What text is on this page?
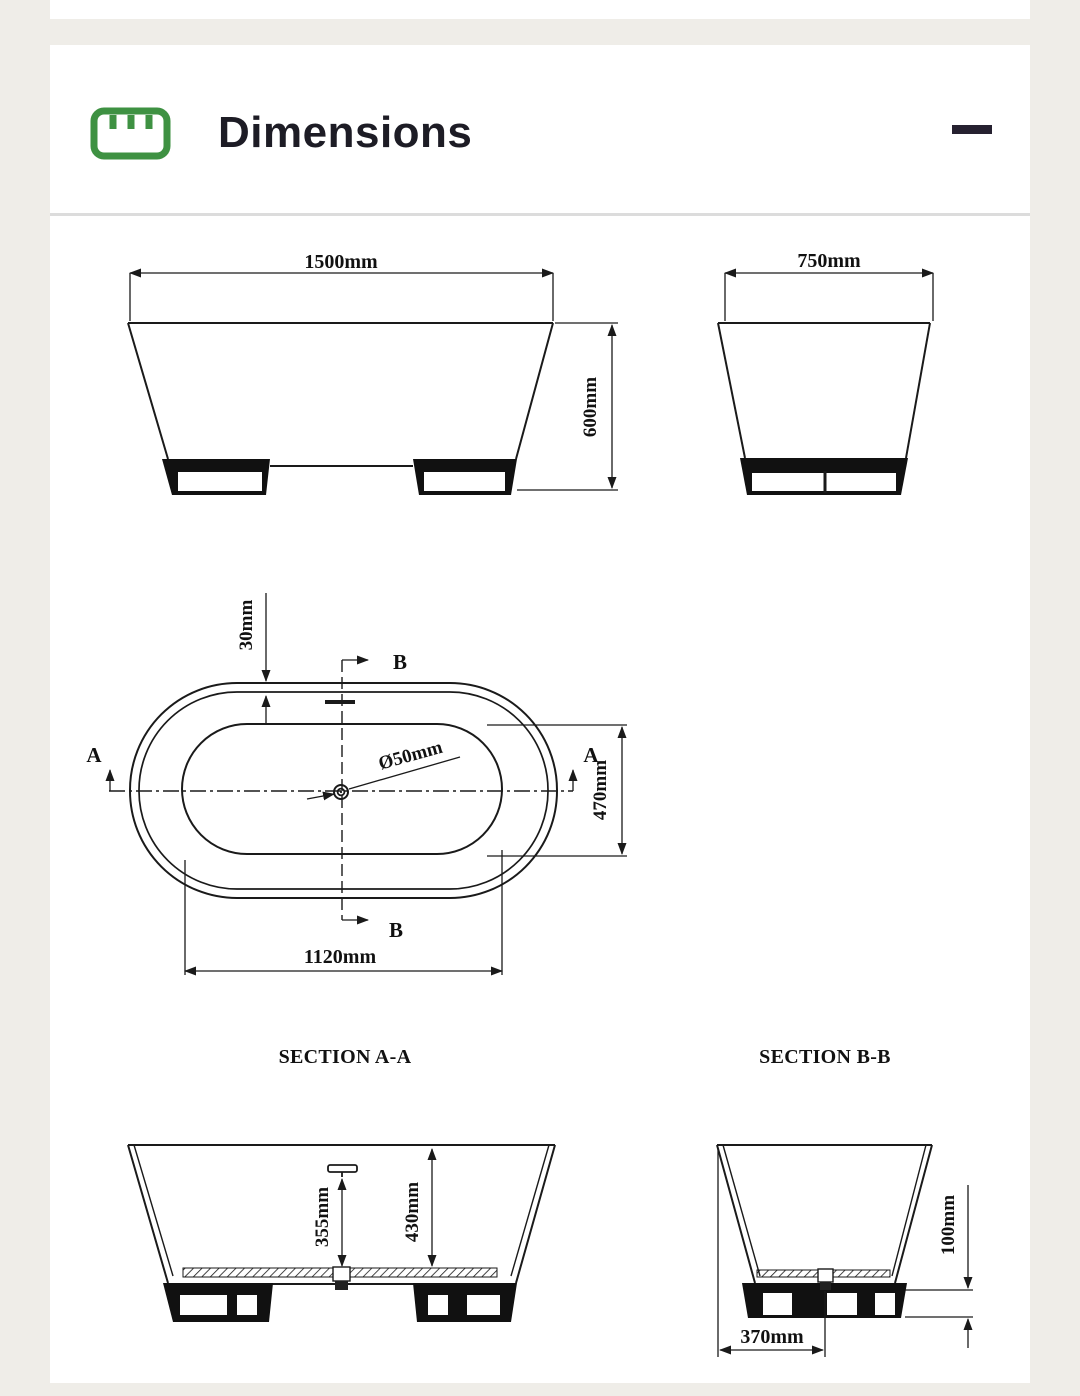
Dimensions
1500mm
600mm
750mm
30mm
A	A
B
B
Ø50mm
470mm
1120mm
SECTION A-A	SECTION B-B
355mm	430mm
370mm
100mm
